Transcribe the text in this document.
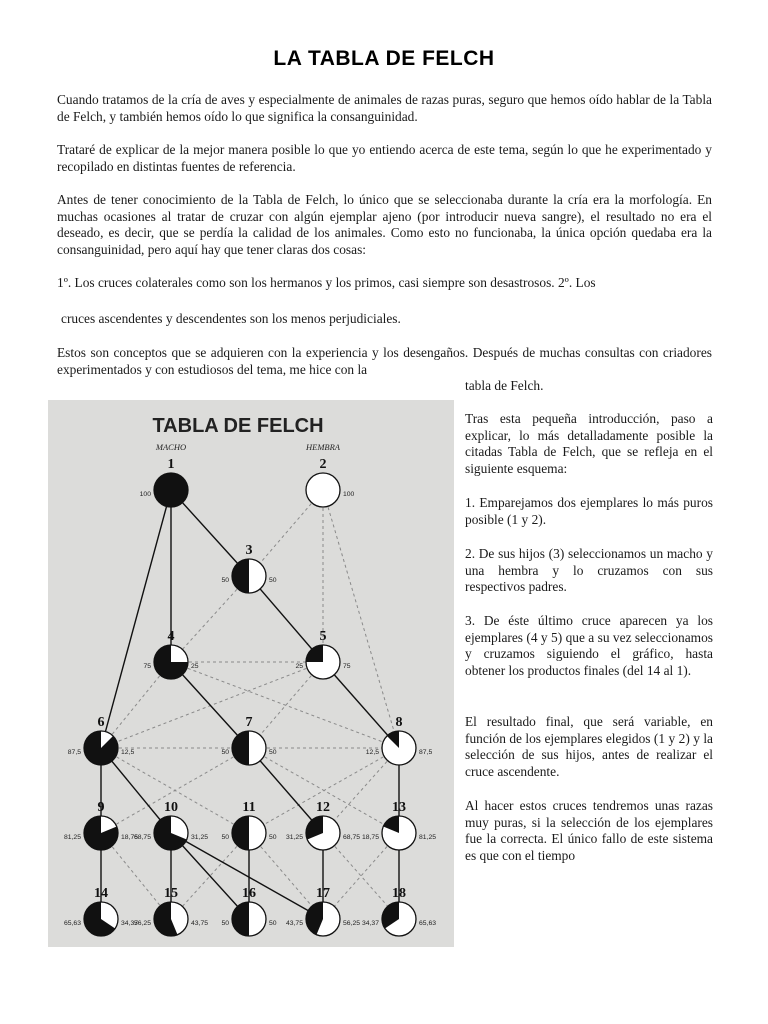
LA TABLA DE FELCH

Cuando tratamos de la cría de aves y especialmente de animales de razas puras, seguro que hemos oído hablar de la Tabla de Felch, y también hemos oído lo que significa la consanguinidad.

Trataré de explicar de la mejor manera posible lo que yo entiendo acerca de este tema, según lo que he experimentado y recopilado en distintas fuentes de referencia.

Antes de tener conocimiento de la Tabla de Felch, lo único que se seleccionaba durante la cría era la morfología. En muchas ocasiones al tratar de cruzar con algún ejemplar ajeno (por introducir nueva sangre), el resultado no era el deseado, es decir, que se perdía la calidad de los animales. Como esto no funcionaba, la única opción quedaba era la consanguinidad, pero aquí hay que tener claras dos cosas:

1º. Los cruces colaterales como son los hermanos y los primos, casi siempre son desastrosos. 2º. Los

cruces ascendentes y descendentes son los menos perjudiciales.

Estos son conceptos que se adquieren con la experiencia y los desengaños. Después de muchas consultas con criadores experimentados y con estudiosos del tema, me hice con la

tabla de Felch.

Tras esta pequeña introducción, paso a explicar, lo más detalladamente posible la citadas Tabla de Felch, que se refleja en el siguiente esquema:

1. Emparejamos dos ejemplares lo más puros posible (1 y 2).

2. De sus hijos (3) seleccionamos un macho y una hembra y lo cruzamos con sus respectivos padres.

3. De éste último cruce aparecen ya los ejemplares (4 y 5) que a su vez seleccionamos y cruzamos siguiendo el gráfico, hasta obtener los productos finales (del 14 al 1).

El resultado final, que será variable, en función de los ejemplares elegidos (1 y 2) y la selección de sus hijos, antes de realizar el cruce ascendente.

Al hacer estos cruces tendremos unas razas muy puras, si la selección de los ejemplares fue la correcta. El único fallo de este sistema es que con el tiempo

TABLA DE FELCH
MACHO	HEMBRA
1
100
2
100
3
50	50
4
75	25
5
25	75
6
87,5	12,5
7
50	50
8
12,5	87,5
9
81,25	18,75
10
68,75	31,25
11
50	50
12
31,25	68,75
13
18,75	81,25
14
65,63	34,37
15
56,25	43,75
16
50	50
17
43,75	56,25
18
34,37	65,63
